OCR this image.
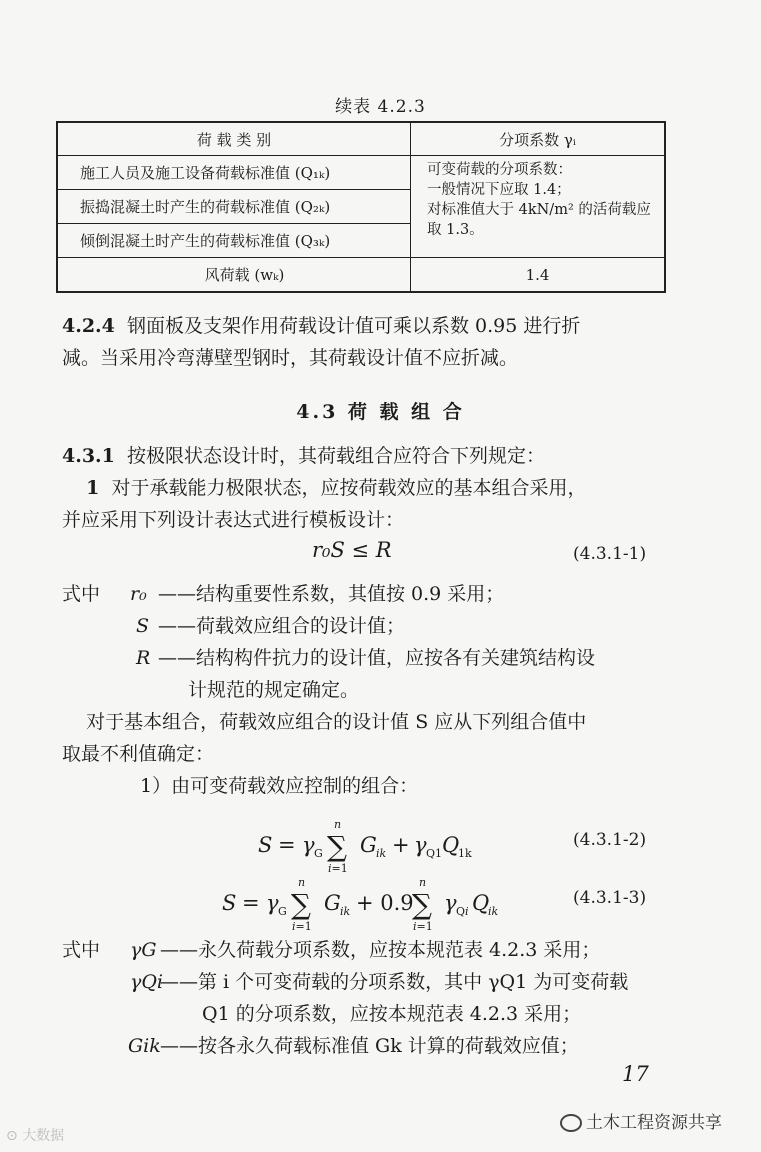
续表 4.2.3
荷 载 类 别	分项系数 γᵢ
施工人员及施工设备荷载标准值 (Q₁ₖ)	可变荷载的分项系数：
一般情况下应取 1.4；
对标准值大于 4kN/m² 的活荷载应
取 1.3。

振捣混凝土时产生的荷载标准值 (Q₂ₖ)	
倾倒混凝土时产生的荷载标准值 (Q₃ₖ)	
风荷载 (wₖ)	1.4
4.2.4 钢面板及支架作用荷载设计值可乘以系数 0.95 进行折
减。当采用冷弯薄壁型钢时，其荷载设计值不应折减。
4.3 荷 载 组 合
4.3.1 按极限状态设计时，其荷载组合应符合下列规定：
1 对于承载能力极限状态，应按荷载效应的基本组合采用，
并应采用下列设计表达式进行模板设计：
r₀S ≤ R	(4.3.1-1)
式中 r₀ ——结构重要性系数，其值按 0.9 采用；
S ——荷载效应组合的设计值；
R ——结构构件抗力的设计值，应按各有关建筑结构设
计规范的规定确定。
对于基本组合，荷载效应组合的设计值 S 应从下列组合值中
取最不利值确定：
1）由可变荷载效应控制的组合：
S = γ G ∑
n
i=1
G ik + γ Q1 Q
1k
(4.3.1-2)
S = γ G ∑
n
i=1
G ik + 0.9
∑
n
i=1
γ Qi Q
ik
(4.3.1-3)
式中 γG ——永久荷载分项系数，应按本规范表 4.2.3 采用；
γQi
——第 i 个可变荷载的分项系数，其中 γQ1 为可变荷载
Q1 的分项系数，应按本规范表 4.2.3 采用；
Gik ——按各永久荷载标准值 Gk 计算的荷载效应值；
17
土木工程资源共享
⊙ 大数据
